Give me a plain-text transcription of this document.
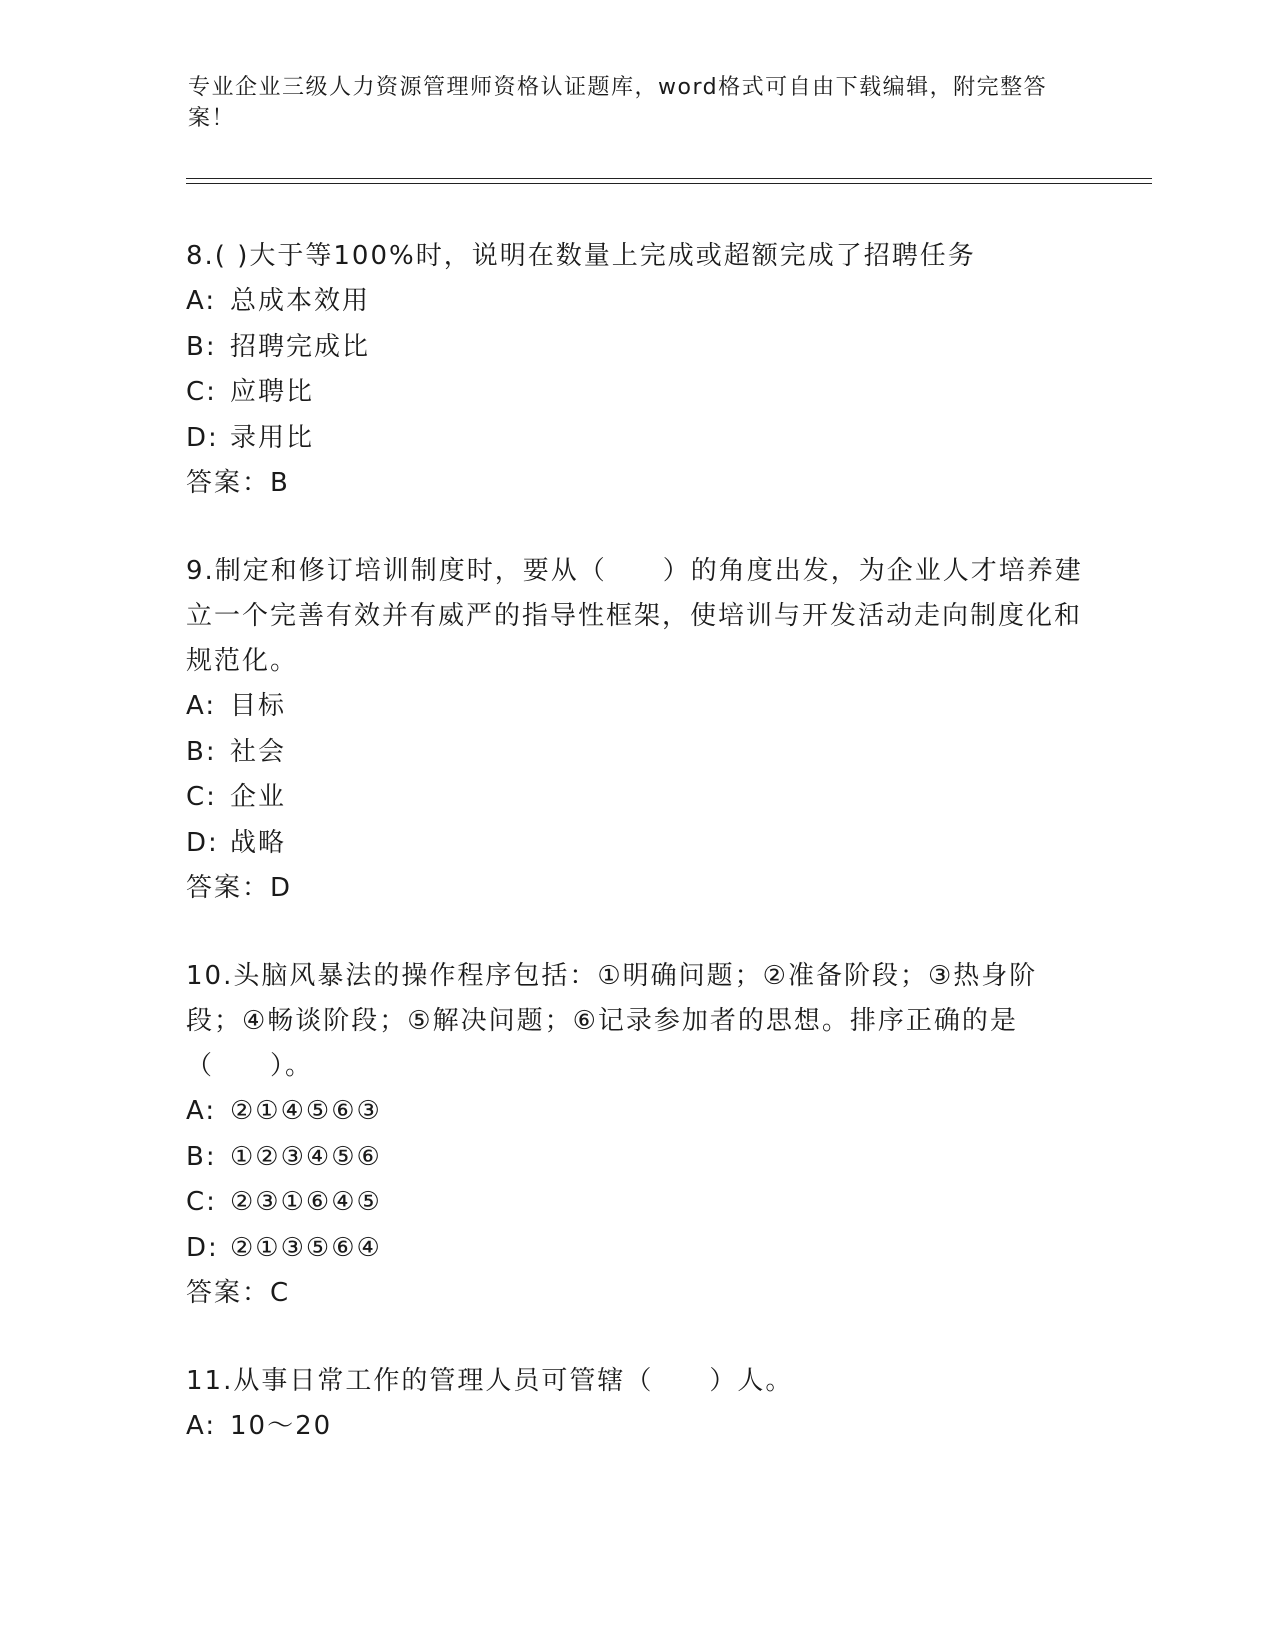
专业企业三级人力资源管理师资格认证题库，word格式可自由下载编辑，附完整答案！

8.( )大于等100%时，说明在数量上完成或超额完成了招聘任务

A: 总成本效用

B: 招聘完成比

C: 应聘比

D: 录用比

答案：B

9.制定和修订培训制度时，要从（　　）的角度出发，为企业人才培养建立一个完善有效并有威严的指导性框架，使培训与开发活动走向制度化和规范化。

A: 目标

B: 社会

C: 企业

D: 战略

答案：D

10.头脑风暴法的操作程序包括：①明确问题；②准备阶段；③热身阶段；④畅谈阶段；⑤解决问题；⑥记录参加者的思想。排序正确的是（　　）。

A: ②①④⑤⑥③

B: ①②③④⑤⑥

C: ②③①⑥④⑤

D: ②①③⑤⑥④

答案：C

11.从事日常工作的管理人员可管辖（　　）人。

A: 10～20
